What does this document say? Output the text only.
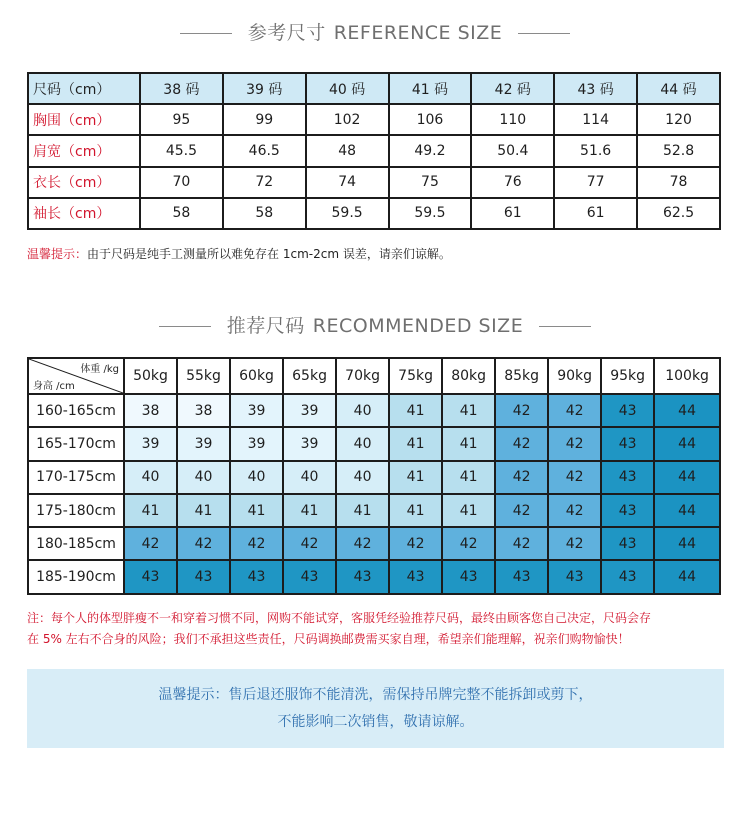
参考尺寸 REFERENCE SIZE
尺码（cm）	38 码	39 码	40 码	41 码	42 码	43 码	44 码
胸围（cm）	95	99	102	106	110	114	120
肩宽（cm）	45.5	46.5	48	49.2	50.4	51.6	52.8
衣长（cm）	70	72	74	75	76	77	78
袖长（cm）	58	58	59.5	59.5	61	61	62.5
温馨提示：由于尺码是纯手工测量所以难免存在 1cm-2cm 误差，请亲们谅解。
推荐尺码 RECOMMENDED SIZE
体重 /kg
身高 /cm	50kg	55kg	60kg	65kg	70kg	75kg	80kg	85kg	90kg	95kg	100kg
160-165cm	38	38	39	39	40	41	41	42	42	43	44
165-170cm	39	39	39	39	40	41	41	42	42	43	44
170-175cm	40	40	40	40	40	41	41	42	42	43	44
175-180cm	41	41	41	41	41	41	41	42	42	43	44
180-185cm	42	42	42	42	42	42	42	42	42	43	44
185-190cm	43	43	43	43	43	43	43	43	43	43	44
注：每个人的体型胖瘦不一和穿着习惯不同，网购不能试穿，客服凭经验推荐尺码，最终由顾客您自己决定，尺码会存
在 5% 左右不合身的风险；我们不承担这些责任，尺码调换邮费需买家自理，希望亲们能理解，祝亲们购物愉快！
温馨提示：售后退还服饰不能清洗，需保持吊牌完整不能拆卸或剪下，
不能影响二次销售，敬请谅解。
